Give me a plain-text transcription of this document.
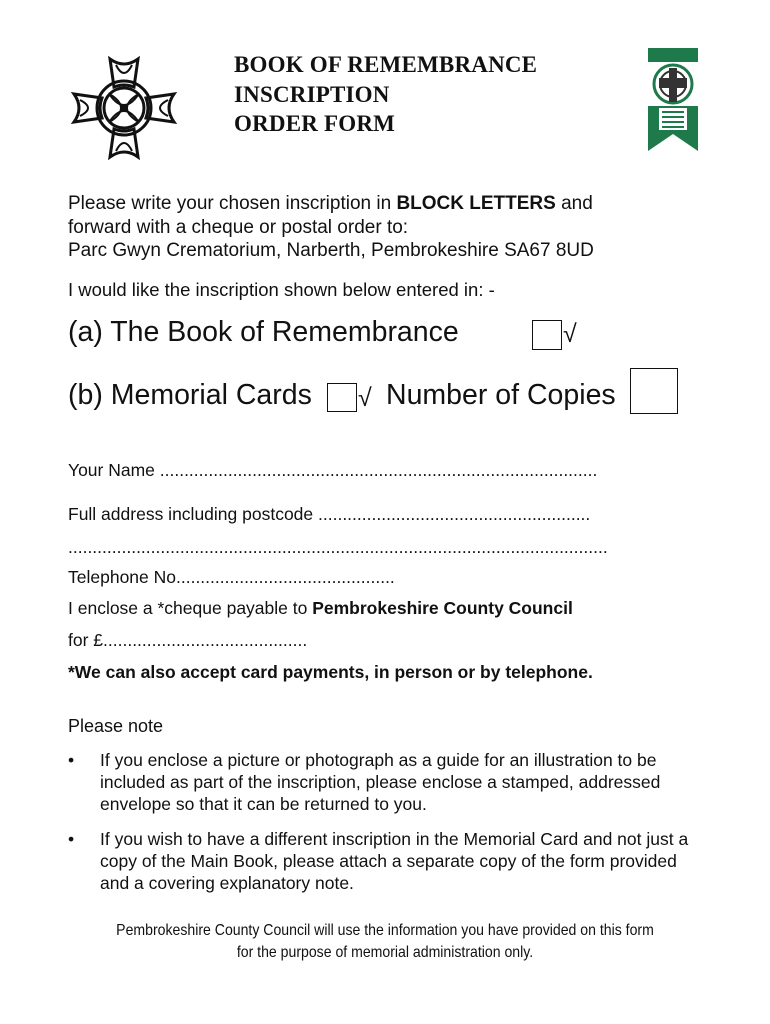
BOOK OF REMEMBRANCE
INSCRIPTION
ORDER FORM
Please write your chosen inscription in BLOCK LETTERS and
forward with a cheque or postal order to:
Parc Gwyn Crematorium, Narberth, Pembrokeshire SA67 8UD
I would like the inscription shown below entered in: -
(a) The Book of Remembrance	√
(b) Memorial Cards √ Number of Copies
Your Name ..........................................................................................
Full address including postcode ........................................................
...............................................................................................................
Telephone No.............................................
I enclose a *cheque payable to Pembrokeshire County Council
for £..........................................
*We can also accept card payments, in person or by telephone.
Please note
• If you enclose a picture or photograph as a guide for an illustration to be included as part of the inscription, please enclose a stamped, addressed envelope so that it can be returned to you.
• If you wish to have a different inscription in the Memorial Card and not just a copy of the Main Book, please attach a separate copy of the form provided and a covering explanatory note.
Pembrokeshire County Council will use the information you have provided on this form
for the purpose of memorial administration only.
